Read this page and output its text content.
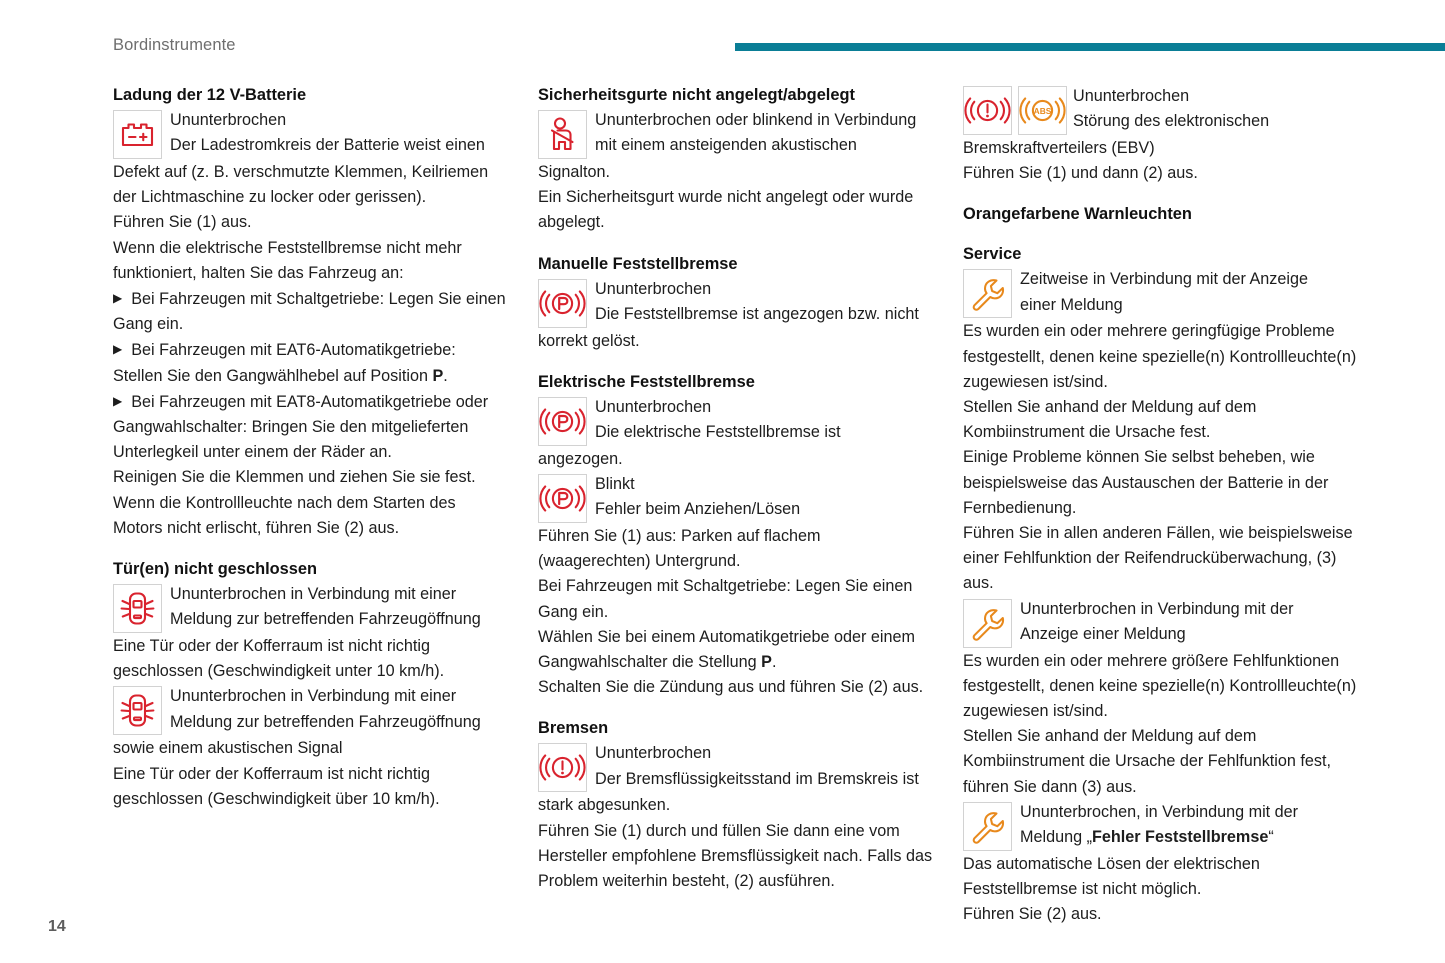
Bordinstrumente
Ladung der 12 V-Batterie
Ununterbrochen
Der Ladestromkreis der Batterie weist einen

Defekt auf (z. B. verschmutzte Klemmen, Keilriemen der Lichtmaschine zu locker oder gerissen).

Führen Sie (1) aus.

Wenn die elektrische Feststellbremse nicht mehr funktioniert, halten Sie das Fahrzeug an:

▶ Bei Fahrzeugen mit Schaltgetriebe: Legen Sie einen Gang ein.

▶ Bei Fahrzeugen mit EAT6-Automatikgetriebe: Stellen Sie den Gangwählhebel auf Position P.

▶ Bei Fahrzeugen mit EAT8-Automatikgetriebe oder Gangwahlschalter: Bringen Sie den mitgelieferten Unterlegkeil unter einem der Räder an.

Reinigen Sie die Klemmen und ziehen Sie sie fest.

Wenn die Kontrollleuchte nach dem Starten des Motors nicht erlischt, führen Sie (2) aus.

Tür(en) nicht geschlossen
Ununterbrochen in Verbindung mit einer
Meldung zur betreffenden Fahrzeugöffnung

Eine Tür oder der Kofferraum ist nicht richtig geschlossen (Geschwindigkeit unter 10 km/h).

Ununterbrochen in Verbindung mit einer
Meldung zur betreffenden Fahrzeugöffnung

sowie einem akustischen Signal

Eine Tür oder der Kofferraum ist nicht richtig geschlossen (Geschwindigkeit über 10 km/h).

Sicherheitsgurte nicht angelegt/abgelegt
Ununterbrochen oder blinkend in Verbindung
mit einem ansteigenden akustischen

Signalton.

Ein Sicherheitsgurt wurde nicht angelegt oder wurde abgelegt.

Manuelle Feststellbremse
Ununterbrochen
Die Feststellbremse ist angezogen bzw. nicht

korrekt gelöst.

Elektrische Feststellbremse
Ununterbrochen
Die elektrische Feststellbremse ist

angezogen.

Blinkt
Fehler beim Anziehen/Lösen

Führen Sie (1) aus: Parken auf flachem (waagerechten) Untergrund.

Bei Fahrzeugen mit Schaltgetriebe: Legen Sie einen Gang ein.

Wählen Sie bei einem Automatikgetriebe oder einem Gangwahlschalter die Stellung P.

Schalten Sie die Zündung aus und führen Sie (2) aus.

Bremsen
Ununterbrochen
Der Bremsflüssigkeitsstand im Bremskreis ist

stark abgesunken.

Führen Sie (1) durch und füllen Sie dann eine vom Hersteller empfohlene Bremsflüssigkeit nach. Falls das Problem weiterhin besteht, (2) ausführen.

ABS
Ununterbrochen
Störung des elektronischen

Bremskraftverteilers (EBV)

Führen Sie (1) und dann (2) aus.

Orangefarbene Warnleuchten
Service
Zeitweise in Verbindung mit der Anzeige
einer Meldung

Es wurden ein oder mehrere geringfügige Probleme festgestellt, denen keine spezielle(n) Kontrollleuchte(n) zugewiesen ist/sind.

Stellen Sie anhand der Meldung auf dem Kombiinstrument die Ursache fest.

Einige Probleme können Sie selbst beheben, wie beispielsweise das Austauschen der Batterie in der Fernbedienung.

Führen Sie in allen anderen Fällen, wie beispielsweise einer Fehlfunktion der Reifendrucküberwachung, (3) aus.

Ununterbrochen in Verbindung mit der
Anzeige einer Meldung

Es wurden ein oder mehrere größere Fehlfunktionen festgestellt, denen keine spezielle(n) Kontrollleuchte(n) zugewiesen ist/sind.

Stellen Sie anhand der Meldung auf dem Kombiinstrument die Ursache der Fehlfunktion fest, führen Sie dann (3) aus.

Ununterbrochen, in Verbindung mit der
Meldung „Fehler Feststellbremse“

Das automatische Lösen der elektrischen Feststellbremse ist nicht möglich.

Führen Sie (2) aus.

14
